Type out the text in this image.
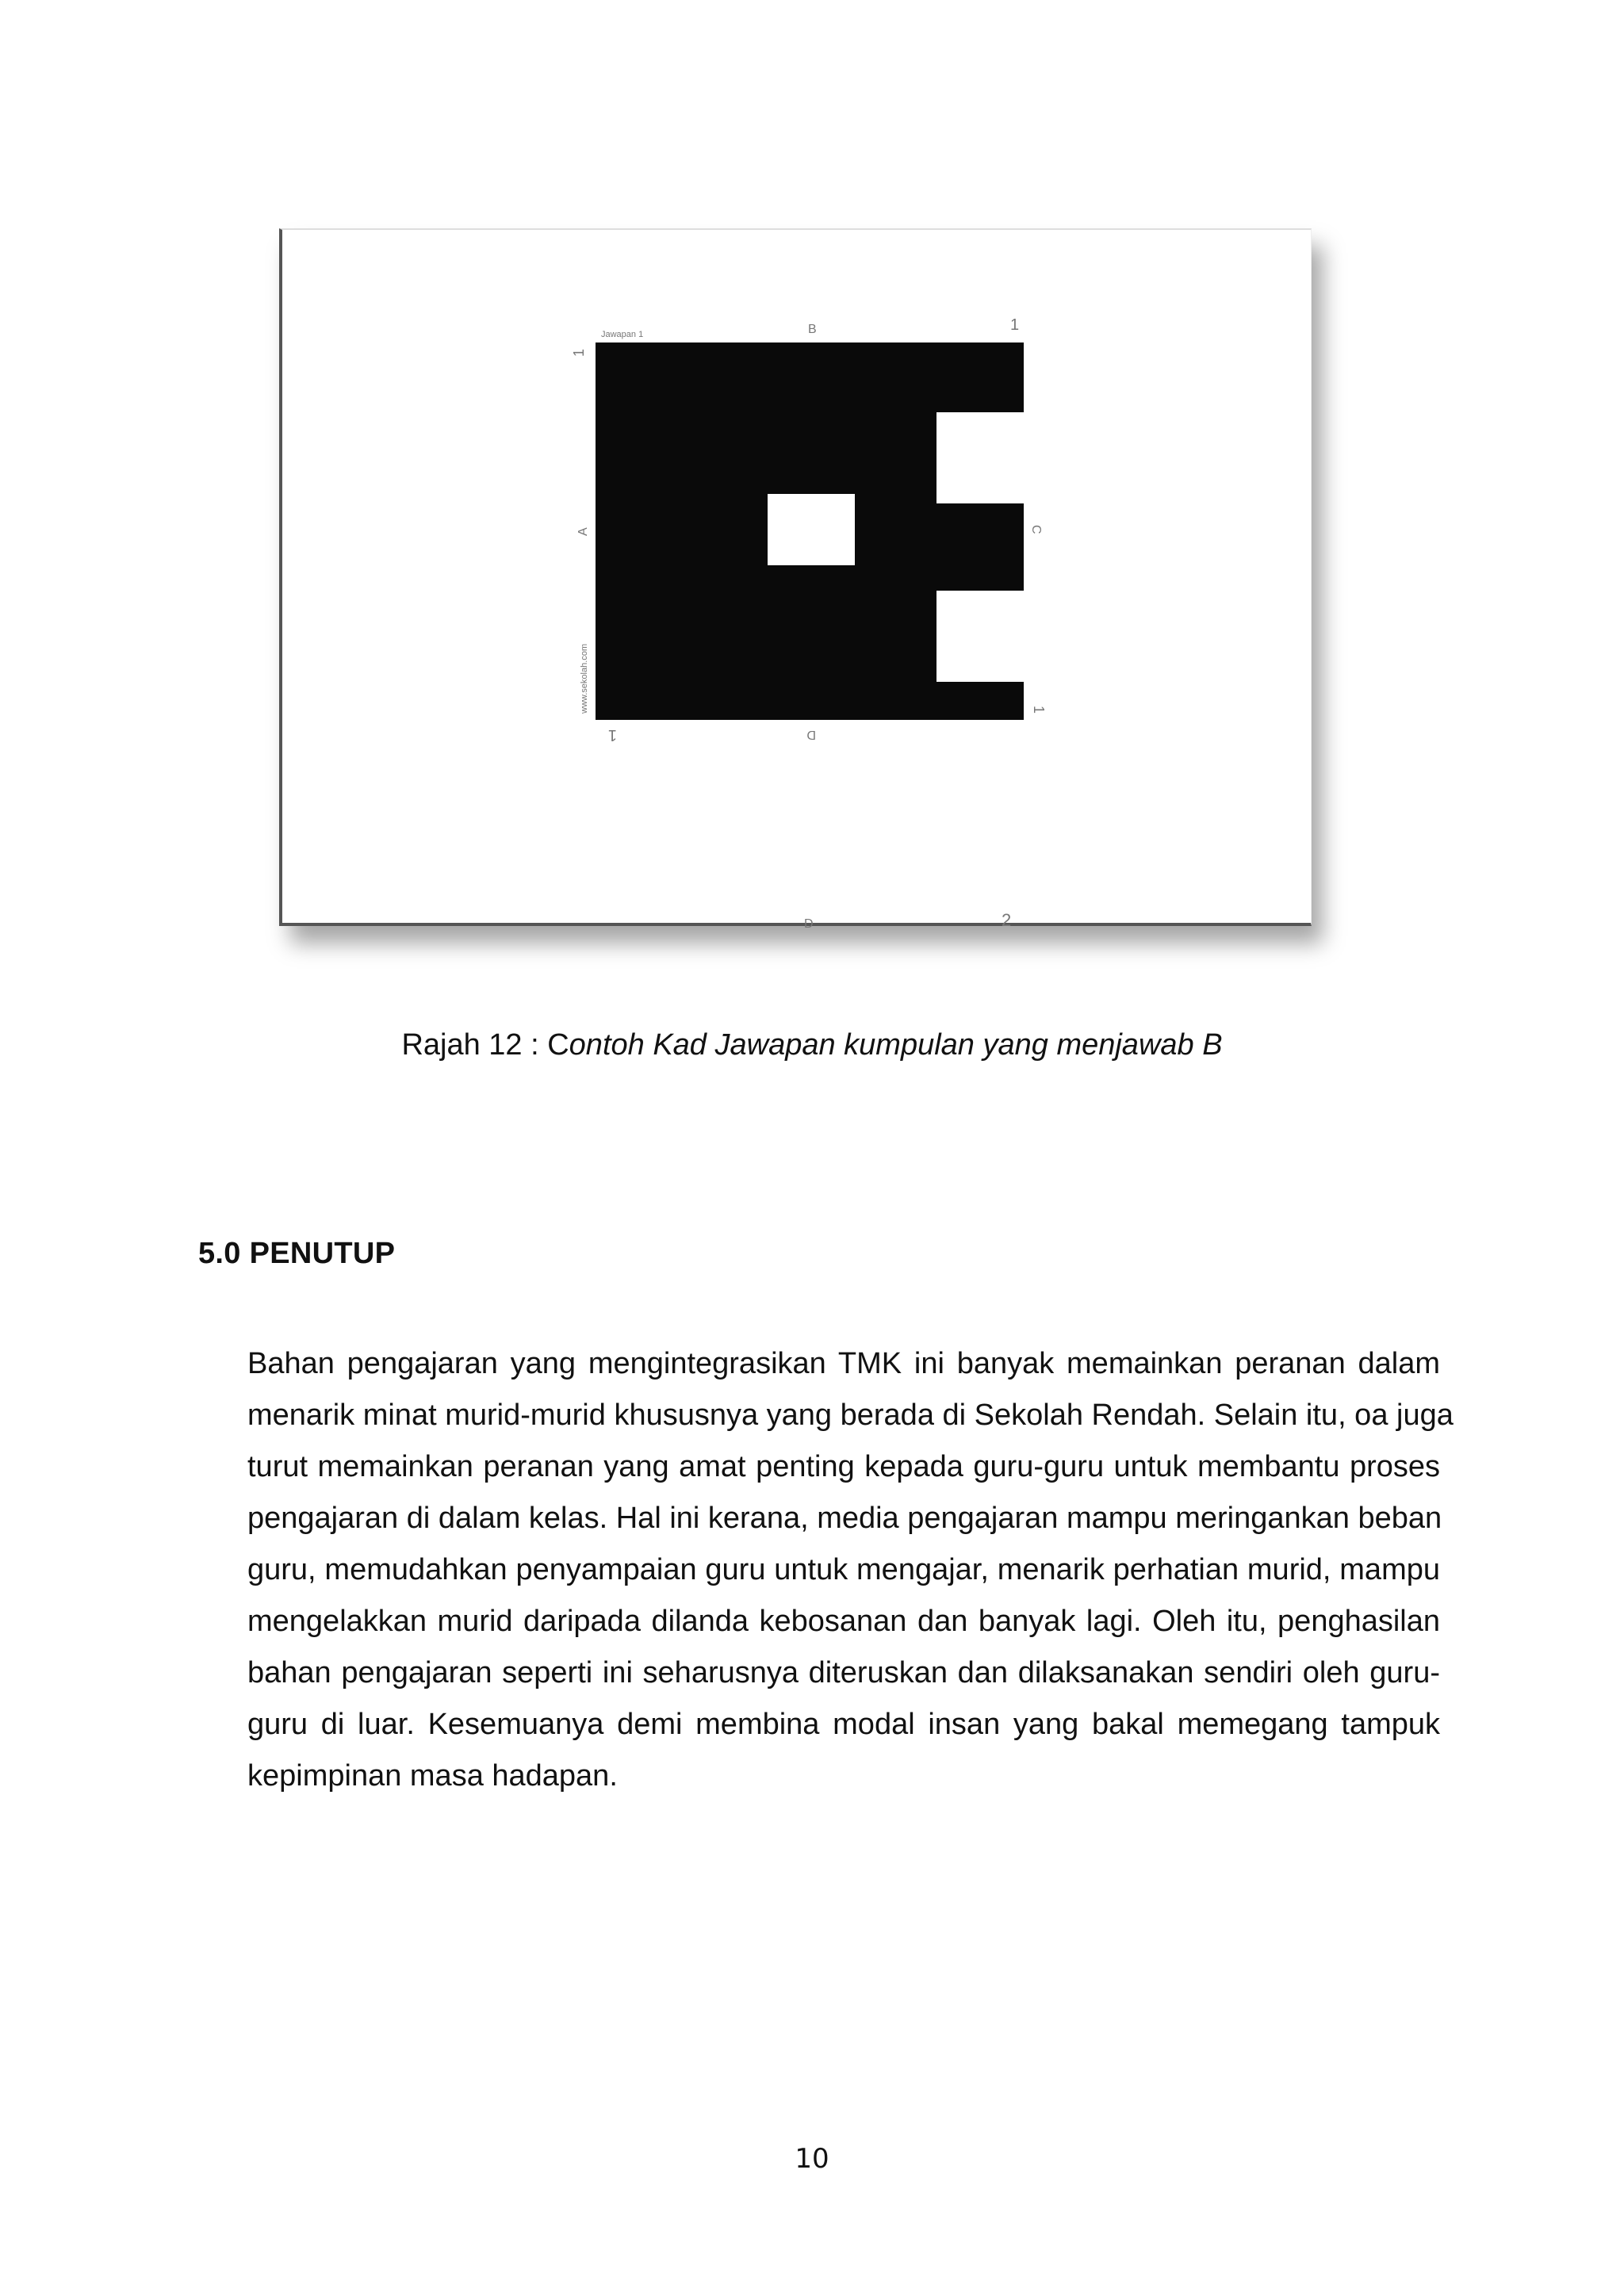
Jawapan 1	B	1
1
A
www.sekolah.com
C
1
D
1
D	2
Rajah 12 : Contoh Kad Jawapan kumpulan yang menjawab B
5.0 PENUTUP
Bahan pengajaran yang mengintegrasikan TMK ini banyak memainkan peranan dalam
menarik minat murid-murid khususnya yang berada di Sekolah Rendah. Selain itu, oa juga
turut memainkan peranan yang amat penting kepada guru-guru untuk membantu proses
pengajaran di dalam kelas. Hal ini kerana, media pengajaran mampu meringankan beban
guru, memudahkan penyampaian guru untuk mengajar, menarik perhatian murid, mampu
mengelakkan murid daripada dilanda kebosanan dan banyak lagi. Oleh itu, penghasilan
bahan pengajaran seperti ini seharusnya diteruskan dan dilaksanakan sendiri oleh guru-
guru di luar. Kesemuanya demi membina modal insan yang bakal memegang tampuk
kepimpinan masa hadapan.
10
